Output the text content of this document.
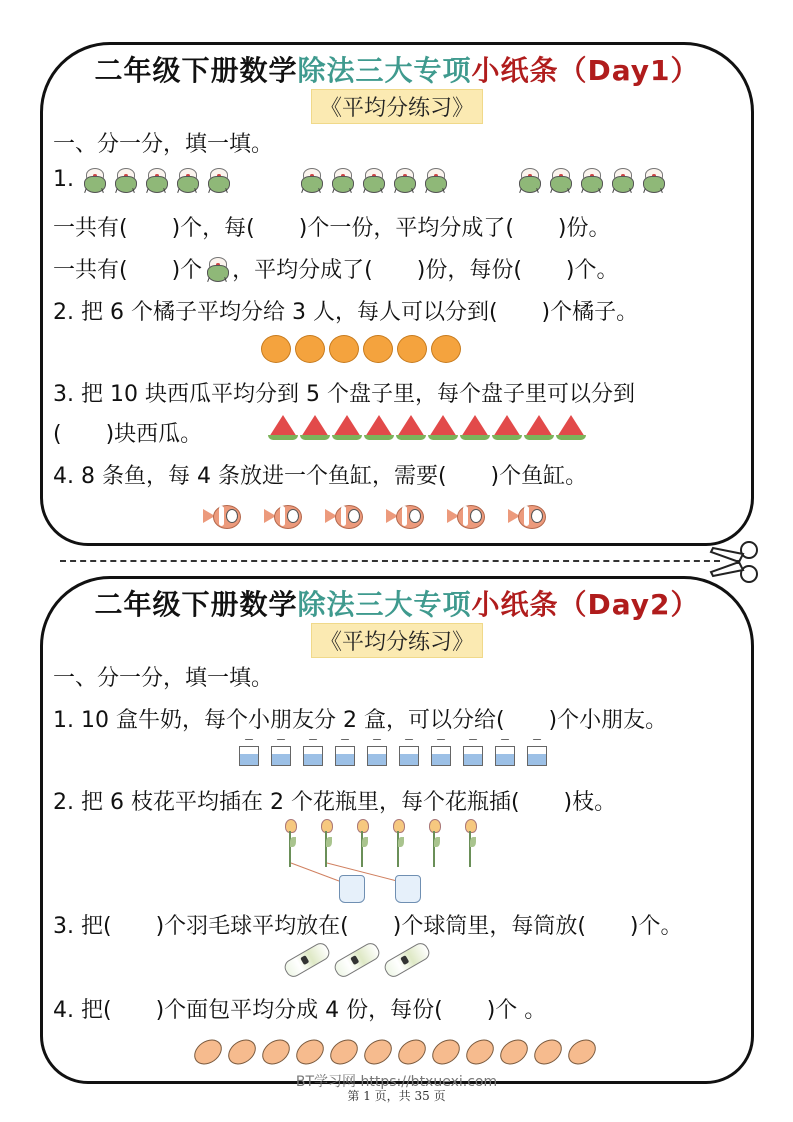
二年级下册数学除法三大专项小纸条（Day1）
《平均分练习》
一、分一分，填一填。
1.
一共有(　　)个，每(　　)个一份，平均分成了(　　)份。
一共有(　　)个 ，平均分成了(　　)份，每份(　　)个。
2. 把 6 个橘子平均分给 3 人，每人可以分到(　　)个橘子。
3. 把 10 块西瓜平均分到 5 个盘子里，每个盘子里可以分到
(　　)块西瓜。
4. 8 条鱼，每 4 条放进一个鱼缸，需要(　　)个鱼缸。
二年级下册数学除法三大专项小纸条（Day2）
《平均分练习》
一、分一分，填一填。
1. 10 盒牛奶，每个小朋友分 2 盒，可以分给(　　)个小朋友。
2. 把 6 枝花平均插在 2 个花瓶里，每个花瓶插(　　)枝。
3. 把(　　)个羽毛球平均放在(　　)个球筒里，每筒放(　　)个。
4. 把(　　)个面包平均分成 4 份，每份(　　)个 。
BT学习网 https://btxuexi.com
第 1 页，共 35 页
